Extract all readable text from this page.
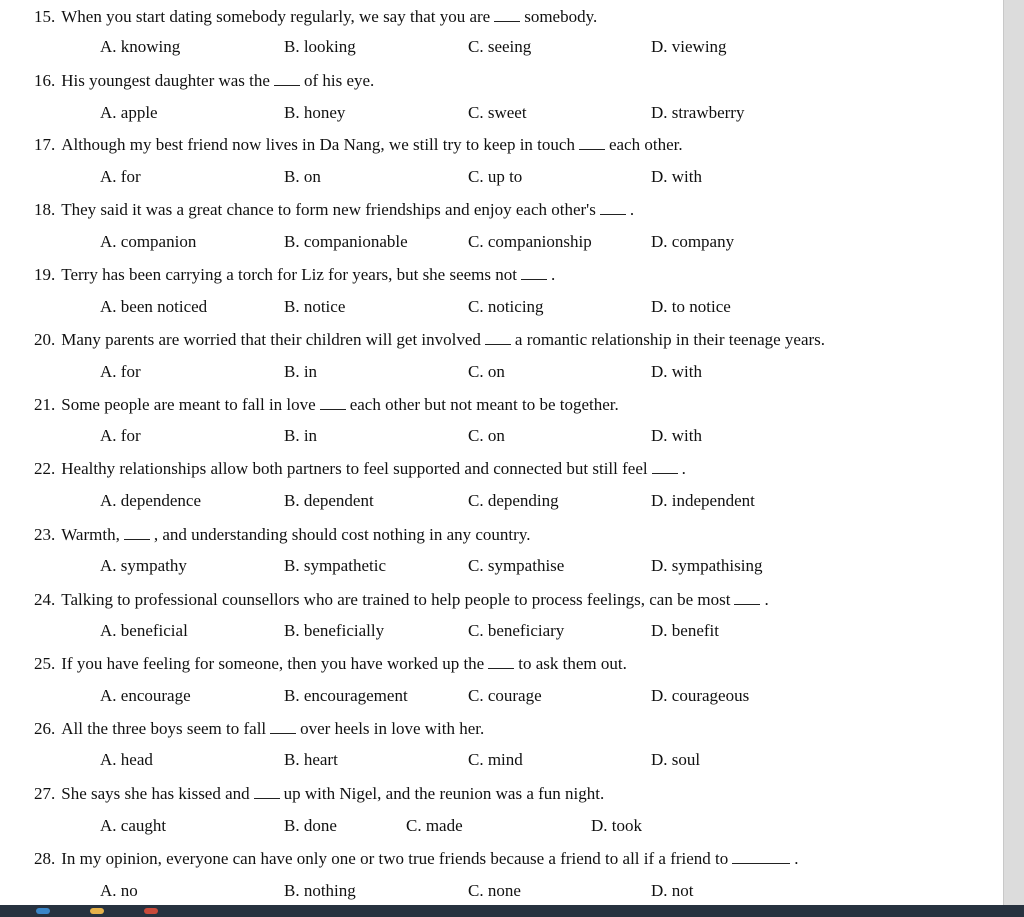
15. When you start dating somebody regularly, we say that you are somebody.
A. knowing	B. looking	C. seeing	D. viewing
16. His youngest daughter was the of his eye.
A. apple	B. honey	C. sweet	D. strawberry
17. Although my best friend now lives in Da Nang, we still try to keep in touch each other.
A. for	B. on	C. up to	D. with
18. They said it was a great chance to form new friendships and enjoy each other's .
A. companion	B. companionable	C. companionship	D. company
19. Terry has been carrying a torch for Liz for years, but she seems not .
A. been noticed	B. notice	C. noticing	D. to notice
20. Many parents are worried that their children will get involved a romantic relationship in their teenage years.
A. for	B. in	C. on	D. with
21. Some people are meant to fall in love each other but not meant to be together.
A. for	B. in	C. on	D. with
22. Healthy relationships allow both partners to feel supported and connected but still feel .
A. dependence	B. dependent	C. depending	D. independent
23. Warmth, , and understanding should cost nothing in any country.
A. sympathy	B. sympathetic	C. sympathise	D. sympathising
24. Talking to professional counsellors who are trained to help people to process feelings, can be most .
A. beneficial	B. beneficially	C. beneficiary	D. benefit
25. If you have feeling for someone, then you have worked up the to ask them out.
A. encourage	B. encouragement	C. courage	D. courageous
26. All the three boys seem to fall over heels in love with her.
A. head	B. heart	C. mind	D. soul
27. She says she has kissed and up with Nigel, and the reunion was a fun night.
A. caught	B. done	C. made	D. took
28. In my opinion, everyone can have only one or two true friends because a friend to all if a friend to	.
A. no	B. nothing	C. none	D. not
